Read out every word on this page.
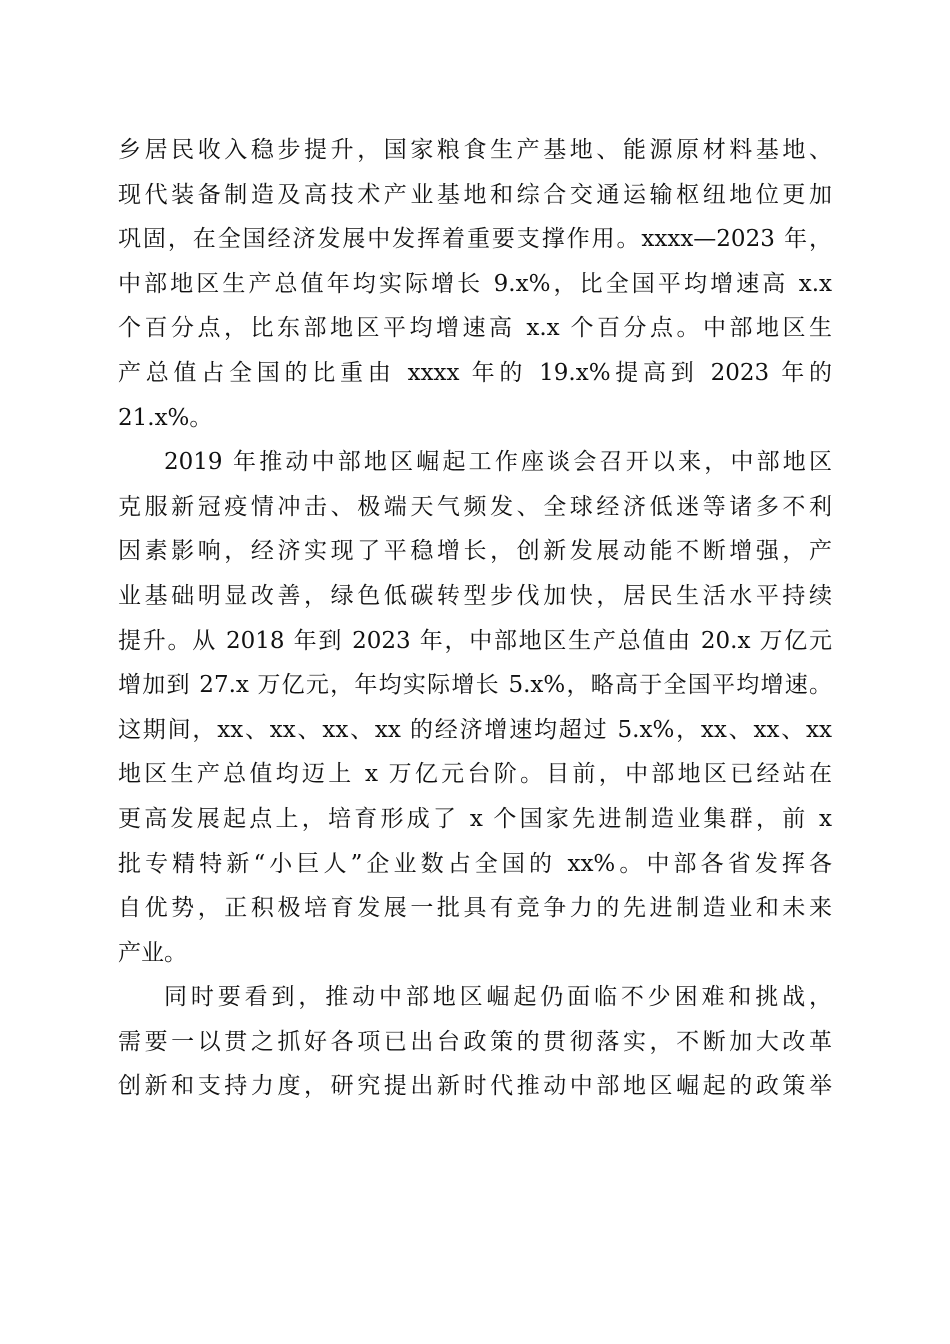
乡居民收入稳步提升，国家粮食生产基地、能源原材料基地、
现代装备制造及高技术产业基地和综合交通运输枢纽地位更加
巩固，在全国经济发展中发挥着重要支撑作用。xxxx—2023 年，
中部地区生产总值年均实际增长 9.x%，比全国平均增速高 x.x
个百分点，比东部地区平均增速高 x.x 个百分点。中部地区生
产总值占全国的比重由 xxxx 年的 19.x%提高到 2023 年的
21.x%。
2019 年推动中部地区崛起工作座谈会召开以来，中部地区
克服新冠疫情冲击、极端天气频发、全球经济低迷等诸多不利
因素影响，经济实现了平稳增长，创新发展动能不断增强，产
业基础明显改善，绿色低碳转型步伐加快，居民生活水平持续
提升。从 2018 年到 2023 年，中部地区生产总值由 20.x 万亿元
增加到 27.x 万亿元，年均实际增长 5.x%，略高于全国平均增速。
这期间，xx、xx、xx、xx 的经济增速均超过 5.x%，xx、xx、xx
地区生产总值均迈上 x 万亿元台阶。目前，中部地区已经站在
更高发展起点上，培育形成了 x 个国家先进制造业集群，前 x
批专精特新“小巨人”企业数占全国的 xx%。中部各省发挥各
自优势，正积极培育发展一批具有竞争力的先进制造业和未来
产业。
同时要看到，推动中部地区崛起仍面临不少困难和挑战，
需要一以贯之抓好各项已出台政策的贯彻落实，不断加大改革
创新和支持力度，研究提出新时代推动中部地区崛起的政策举
